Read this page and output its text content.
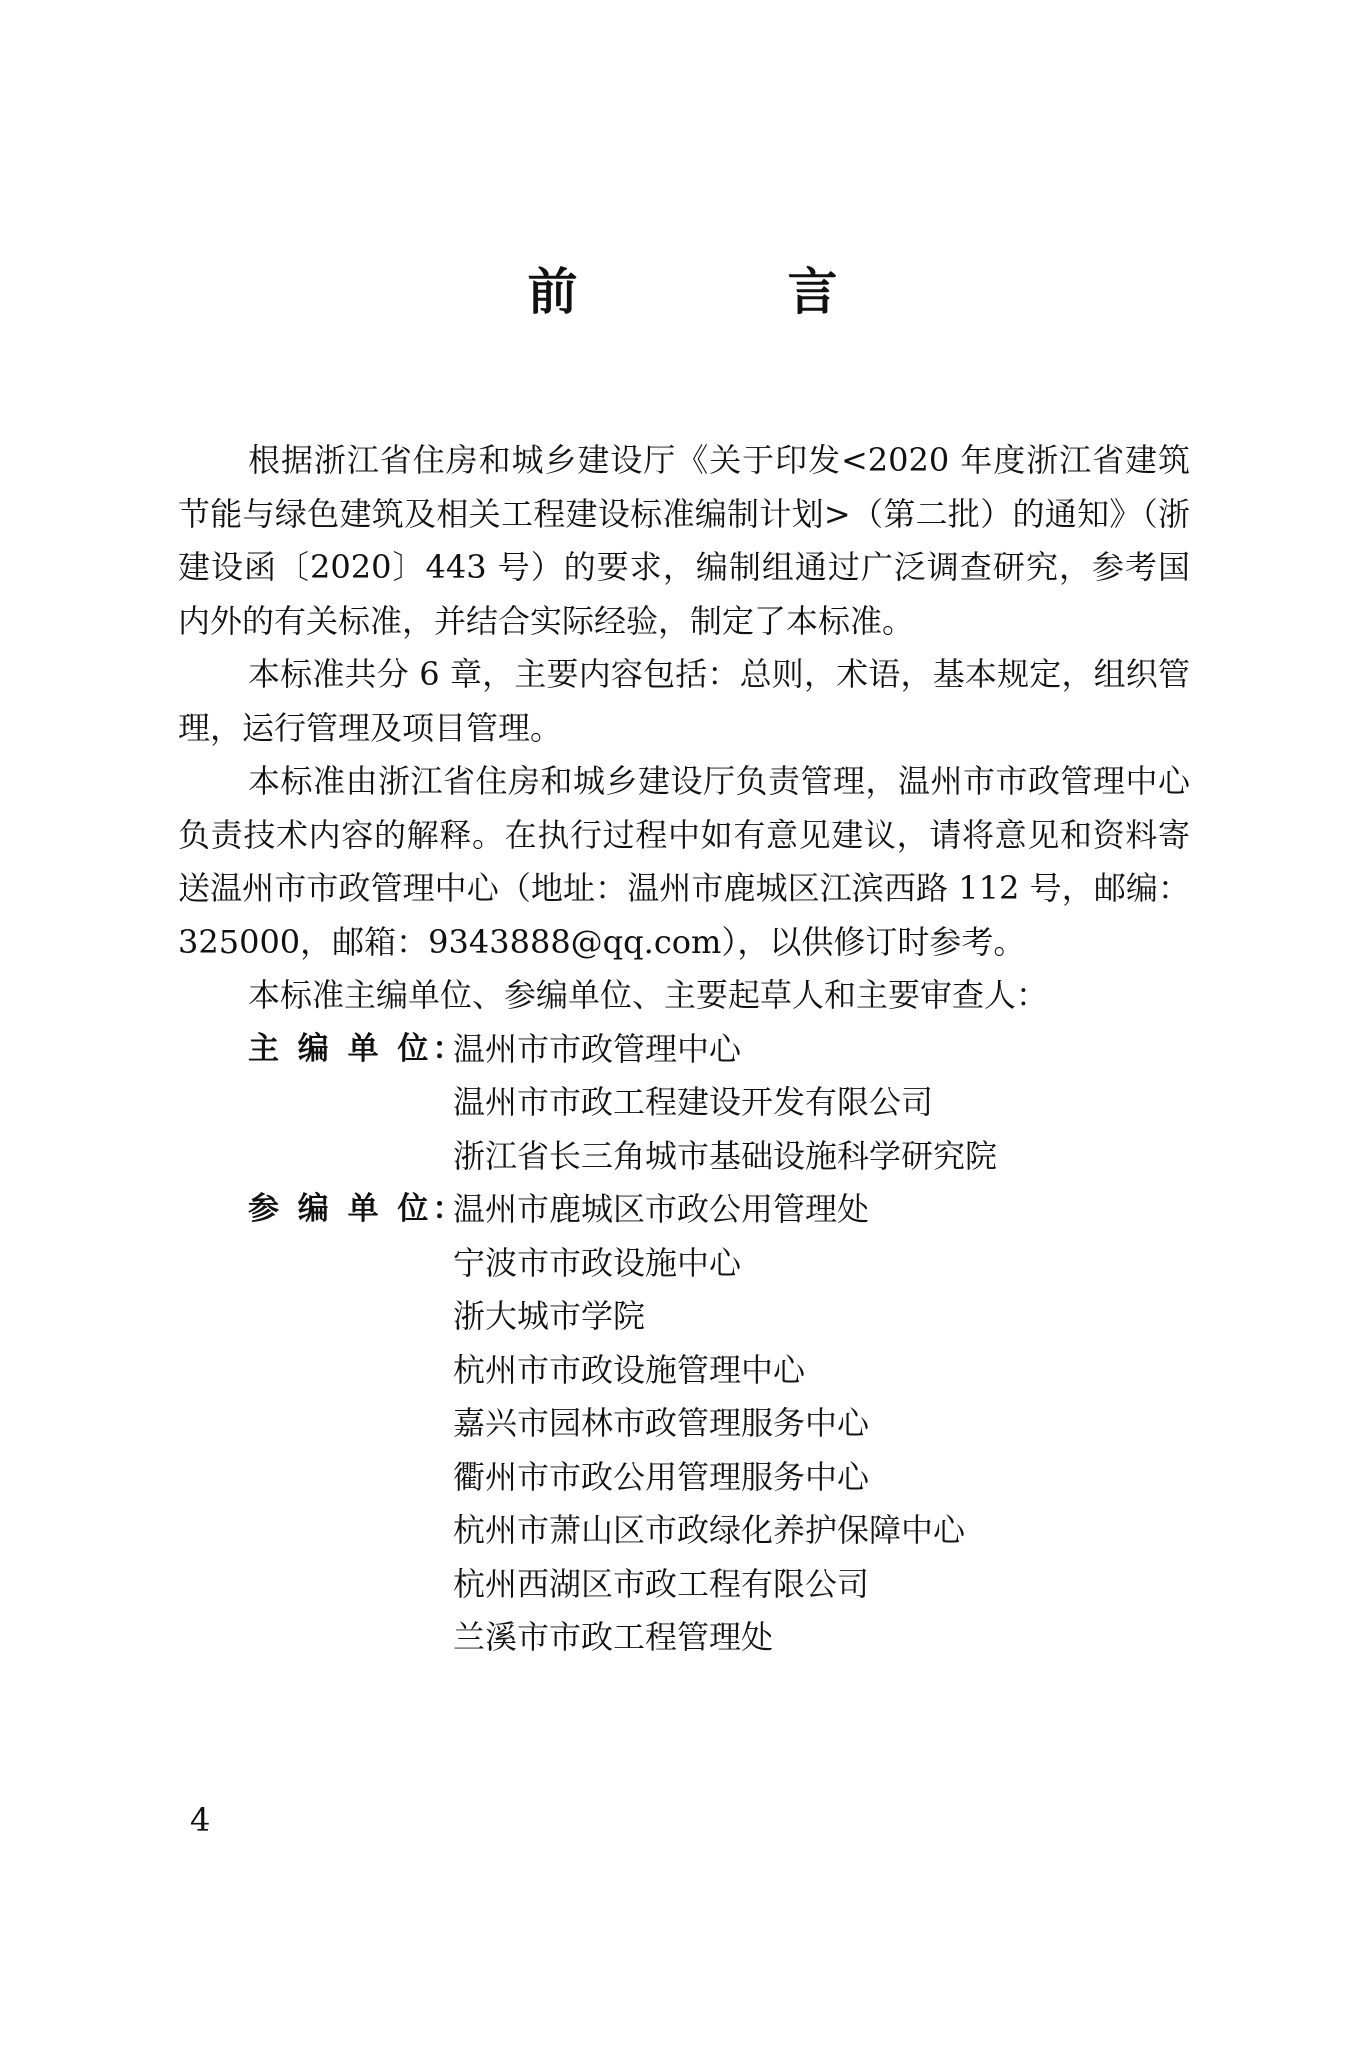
前　言

根据浙江省住房和城乡建设厅《关于印发<2020 年度浙江省建筑节能与绿色建筑及相关工程建设标准编制计划>（第二批）的通知》（浙建设函〔2020〕443 号）的要求，编制组通过广泛调查研究，参考国内外的有关标准，并结合实际经验，制定了本标准。

本标准共分 6 章，主要内容包括：总则，术语，基本规定，组织管理，运行管理及项目管理。

本标准由浙江省住房和城乡建设厅负责管理，温州市市政管理中心负责技术内容的解释。在执行过程中如有意见建议，请将意见和资料寄送温州市市政管理中心（地址：温州市鹿城区江滨西路 112 号，邮编：325000，邮箱：9343888@qq.com），以供修订时参考。

本标准主编单位、参编单位、主要起草人和主要审查人：

主 编 单 位：
温州市市政管理中心
温州市市政工程建设开发有限公司
浙江省长三角城市基础设施科学研究院
参 编 单 位：
温州市鹿城区市政公用管理处
宁波市市政设施中心
浙大城市学院
杭州市市政设施管理中心
嘉兴市园林市政管理服务中心
衢州市市政公用管理服务中心
杭州市萧山区市政绿化养护保障中心
杭州西湖区市政工程有限公司
兰溪市市政工程管理处
4
